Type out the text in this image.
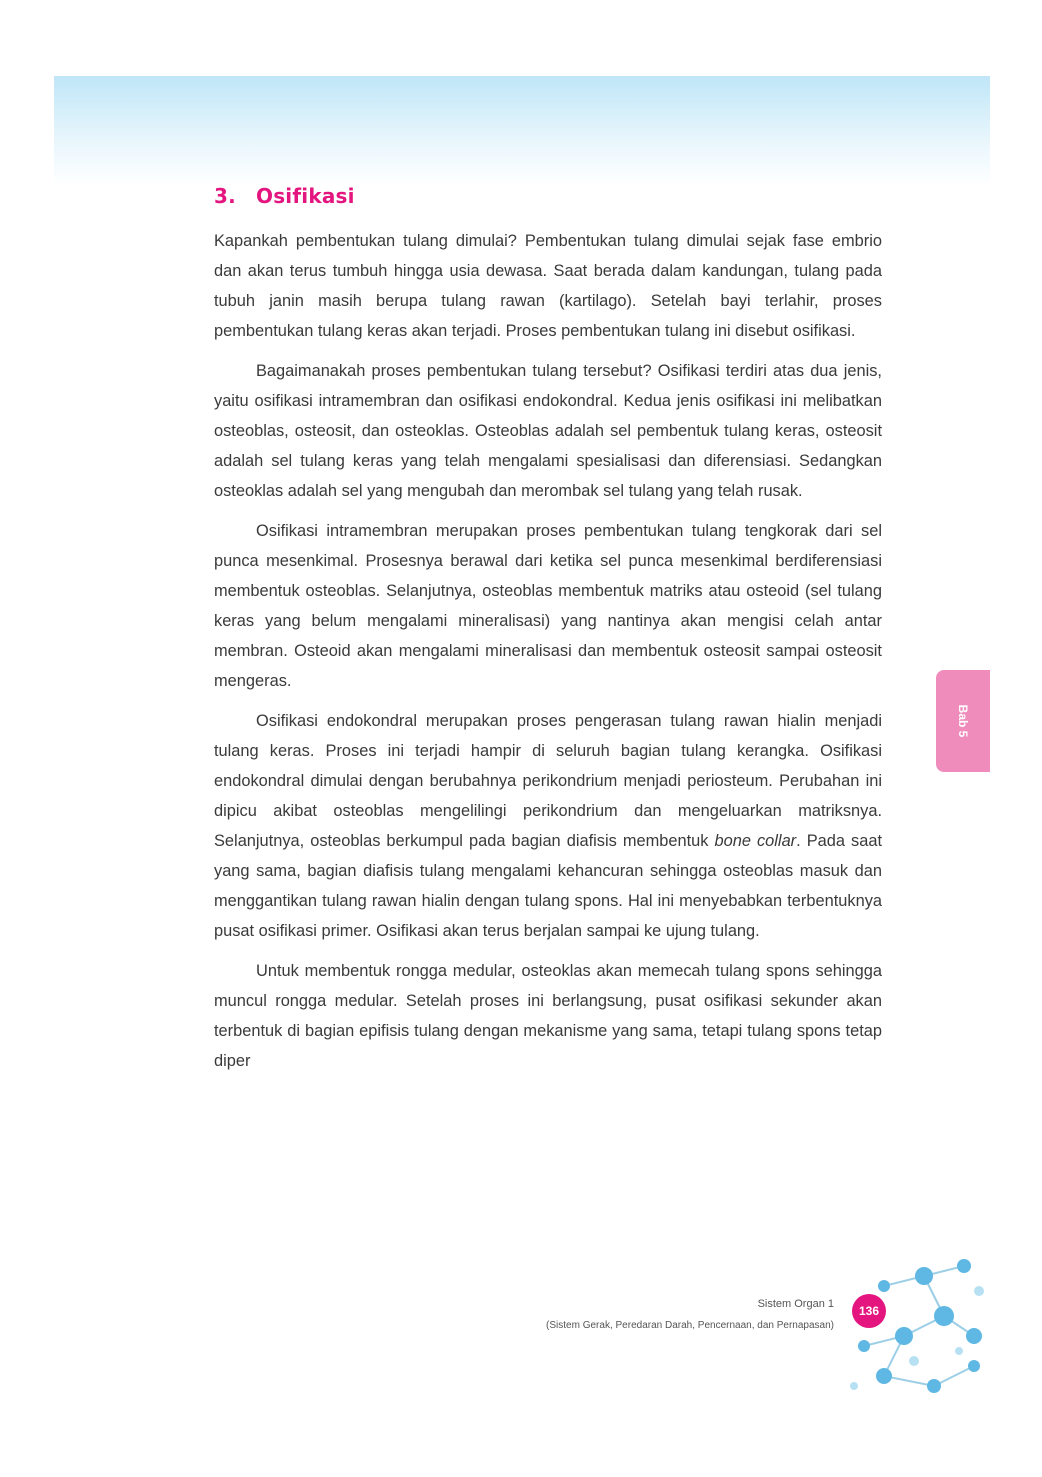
3. Osifikasi

Kapankah pembentukan tulang dimulai? Pembentukan tulang dimulai sejak fase embrio dan akan terus tumbuh hingga usia dewasa. Saat berada dalam kandungan, tulang pada tubuh janin masih berupa tulang rawan (kartilago). Setelah bayi terlahir, proses pembentukan tulang keras akan terjadi. Proses pembentukan tulang ini disebut osifikasi.

Bagaimanakah proses pembentukan tulang tersebut? Osifikasi terdiri atas dua jenis, yaitu osifikasi intramembran dan osifikasi endokondral. Kedua jenis osifikasi ini melibatkan osteoblas, osteosit, dan osteoklas. Osteoblas adalah sel pembentuk tulang keras, osteosit adalah sel tulang keras yang telah mengalami spesialisasi dan diferensiasi. Sedangkan osteoklas adalah sel yang mengubah dan merombak sel tulang yang telah rusak.

Osifikasi intramembran merupakan proses pembentukan tulang tengkorak dari sel punca mesenkimal. Prosesnya berawal dari ketika sel punca mesenkimal berdiferensiasi membentuk osteoblas. Selanjutnya, osteoblas membentuk matriks atau osteoid (sel tulang keras yang belum mengalami mineralisasi) yang nantinya akan mengisi celah antar membran. Osteoid akan mengalami mineralisasi dan membentuk osteosit sampai osteosit mengeras.

Osifikasi endokondral merupakan proses pengerasan tulang rawan hialin menjadi tulang keras. Proses ini terjadi hampir di seluruh bagian tulang kerangka. Osifikasi endokondral dimulai dengan berubahnya perikondrium menjadi periosteum. Perubahan ini dipicu akibat osteoblas mengelilingi perikondrium dan mengeluarkan matriksnya. Selanjutnya, osteoblas berkumpul pada bagian diafisis membentuk bone collar. Pada saat yang sama, bagian diafisis tulang mengalami kehancuran sehingga osteoblas masuk dan menggantikan tulang rawan hialin dengan tulang spons. Hal ini menyebabkan terbentuknya pusat osifikasi primer. Osifikasi akan terus berjalan sampai ke ujung tulang.

Untuk membentuk rongga medular, osteoklas akan memecah tulang spons sehingga muncul rongga medular. Setelah proses ini berlangsung, pusat osifikasi sekunder akan terbentuk di bagian epifisis tulang dengan mekanisme yang sama, tetapi tulang spons tetap diper

Bab 5
Sistem Organ 1
(Sistem Gerak, Peredaran Darah, Pencernaan, dan Pernapasan)
136
